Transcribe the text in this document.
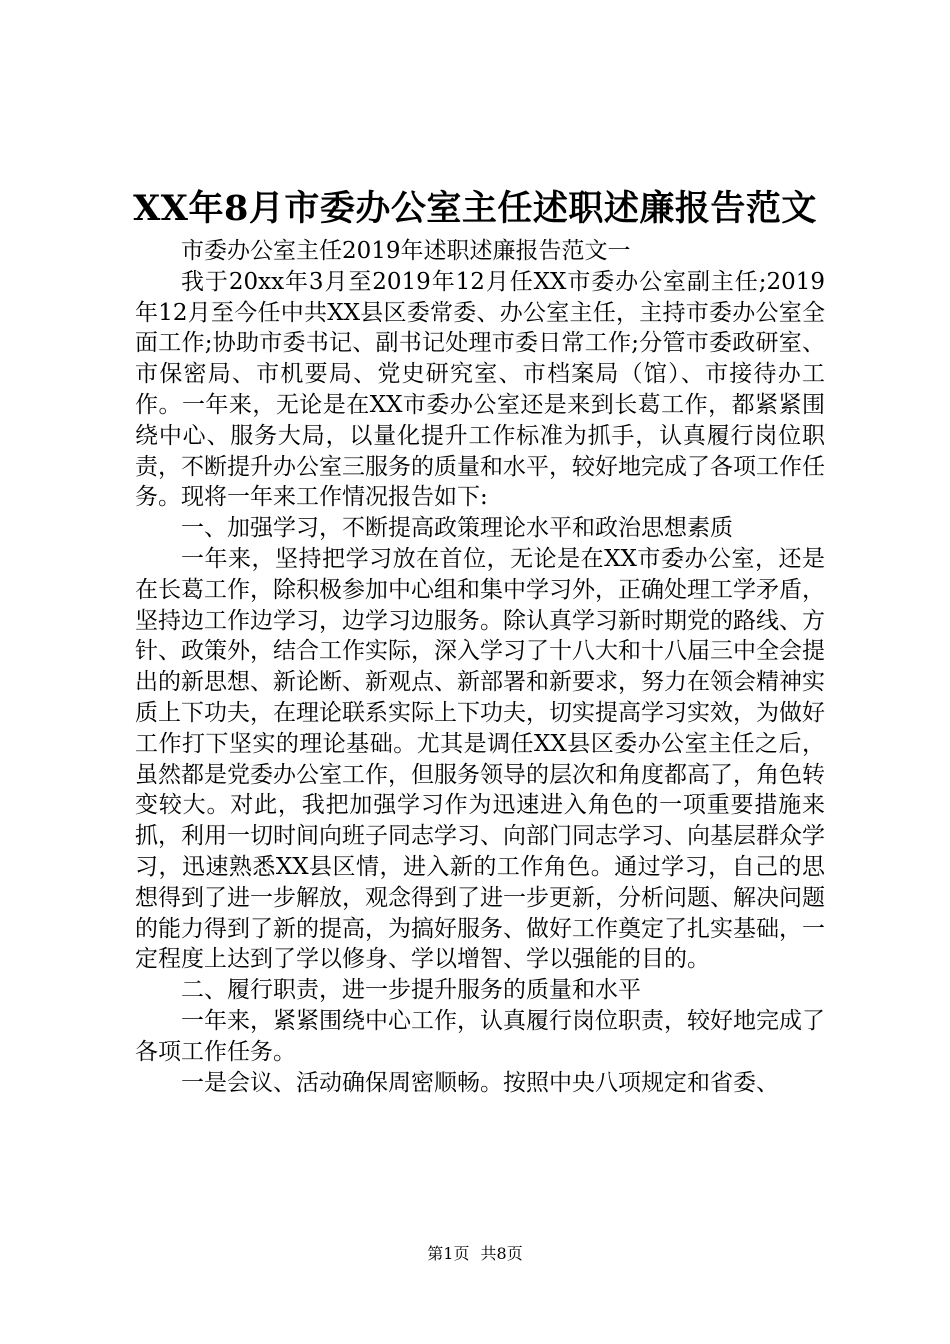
XX年8月市委办公室主任述职述廉报告范文

市委办公室主任2019年述职述廉报告范文一

我于20xx年3月至2019年12月任XX市委办公室副主任;2019年12月至今任中共XX县区委常委、办公室主任，主持市委办公室全面工作;协助市委书记、副书记处理市委日常工作;分管市委政研室、市保密局、市机要局、党史研究室、市档案局（馆）、市接待办工作。一年来，无论是在XX市委办公室还是来到长葛工作，都紧紧围绕中心、服务大局，以量化提升工作标准为抓手，认真履行岗位职责，不断提升办公室三服务的质量和水平，较好地完成了各项工作任务。现将一年来工作情况报告如下:

一、加强学习，不断提高政策理论水平和政治思想素质

一年来，坚持把学习放在首位，无论是在XX市委办公室，还是在长葛工作，除积极参加中心组和集中学习外，正确处理工学矛盾，坚持边工作边学习，边学习边服务。除认真学习新时期党的路线、方针、政策外，结合工作实际，深入学习了十八大和十八届三中全会提出的新思想、新论断、新观点、新部署和新要求，努力在领会精神实质上下功夫，在理论联系实际上下功夫，切实提高学习实效，为做好工作打下坚实的理论基础。尤其是调任XX县区委办公室主任之后，虽然都是党委办公室工作，但服务领导的层次和角度都高了，角色转变较大。对此，我把加强学习作为迅速进入角色的一项重要措施来抓，利用一切时间向班子同志学习、向部门同志学习、向基层群众学习，迅速熟悉XX县区情，进入新的工作角色。通过学习，自己的思想得到了进一步解放，观念得到了进一步更新，分析问题、解决问题的能力得到了新的提高，为搞好服务、做好工作奠定了扎实基础，一定程度上达到了学以修身、学以增智、学以强能的目的。

二、履行职责，进一步提升服务的质量和水平

一年来，紧紧围绕中心工作，认真履行岗位职责，较好地完成了各项工作任务。

一是会议、活动确保周密顺畅。按照中央八项规定和省委、

第1页 共8页
